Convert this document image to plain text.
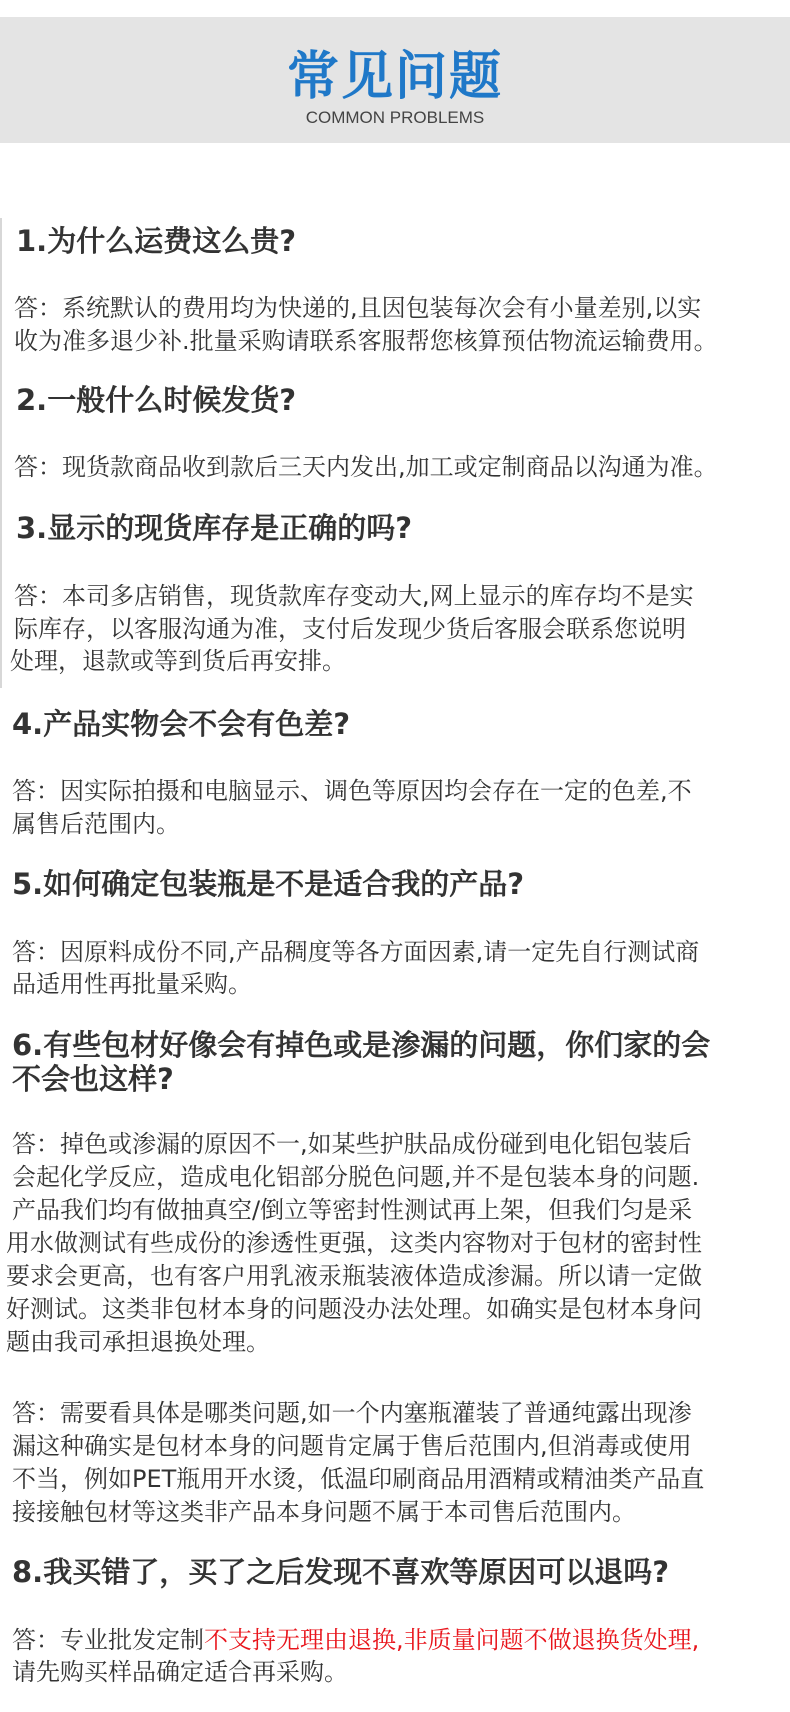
常见问题
COMMON PROBLEMS
1.为什么运费这么贵?
答：系统默认的费用均为快递的,且因包装每次会有小量差别,以实
收为准多退少补.批量采购请联系客服帮您核算预估物流运输费用。
2.一般什么时候发货?
答：现货款商品收到款后三天内发出,加工或定制商品以沟通为准。
3.显示的现货库存是正确的吗?
答：本司多店销售，现货款库存变动大,网上显示的库存均不是实
际库存，以客服沟通为准，支付后发现少货后客服会联系您说明
处理，退款或等到货后再安排。
4.产品实物会不会有色差?
答：因实际拍摄和电脑显示、调色等原因均会存在一定的色差,不
属售后范围内。
5.如何确定包装瓶是不是适合我的产品?
答：因原料成份不同,产品稠度等各方面因素,请一定先自行测试商
品适用性再批量采购。
6.有些包材好像会有掉色或是渗漏的问题，你们家的会
不会也这样?
答：掉色或渗漏的原因不一,如某些护肤品成份碰到电化铝包装后
会起化学反应，造成电化铝部分脱色问题,并不是包装本身的问题.
产品我们均有做抽真空/倒立等密封性测试再上架，但我们匀是采
用水做测试有些成份的渗透性更强，这类内容物对于包材的密封性
要求会更高，也有客户用乳液汞瓶装液体造成渗漏。所以请一定做
好测试。这类非包材本身的问题没办法处理。如确实是包材本身问
题由我司承担退换处理。
答：需要看具体是哪类问题,如一个内塞瓶灌装了普通纯露出现渗
漏这种确实是包材本身的问题肯定属于售后范围内,但消毒或使用
不当，例如PET瓶用开水烫，低温印刷商品用酒精或精油类产品直
接接触包材等这类非产品本身问题不属于本司售后范围内。
8.我买错了，买了之后发现不喜欢等原因可以退吗?
答：专业批发定制不支持无理由退换,非质量问题不做退换货处理,
请先购买样品确定适合再采购。
